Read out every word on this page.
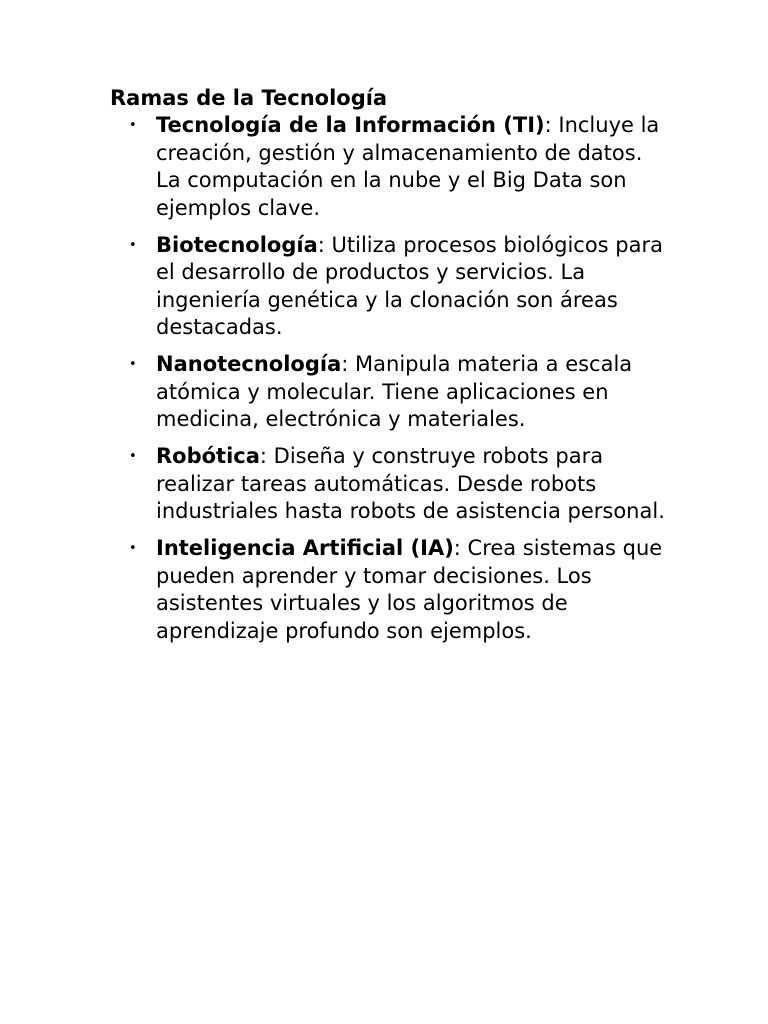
Ramas de la Tecnología

• Tecnología de la Información (TI): Incluye la creación, gestión y almacenamiento de datos. La computación en la nube y el Big Data son ejemplos clave.
• Biotecnología: Utiliza procesos biológicos para el desarrollo de productos y servicios. La ingeniería genética y la clonación son áreas destacadas.
• Nanotecnología: Manipula materia a escala atómica y molecular. Tiene aplicaciones en medicina, electrónica y materiales.
• Robótica: Diseña y construye robots para realizar tareas automáticas. Desde robots industriales hasta robots de asistencia personal.
• Inteligencia Artificial (IA): Crea sistemas que pueden aprender y tomar decisiones. Los asistentes virtuales y los algoritmos de aprendizaje profundo son ejemplos.
